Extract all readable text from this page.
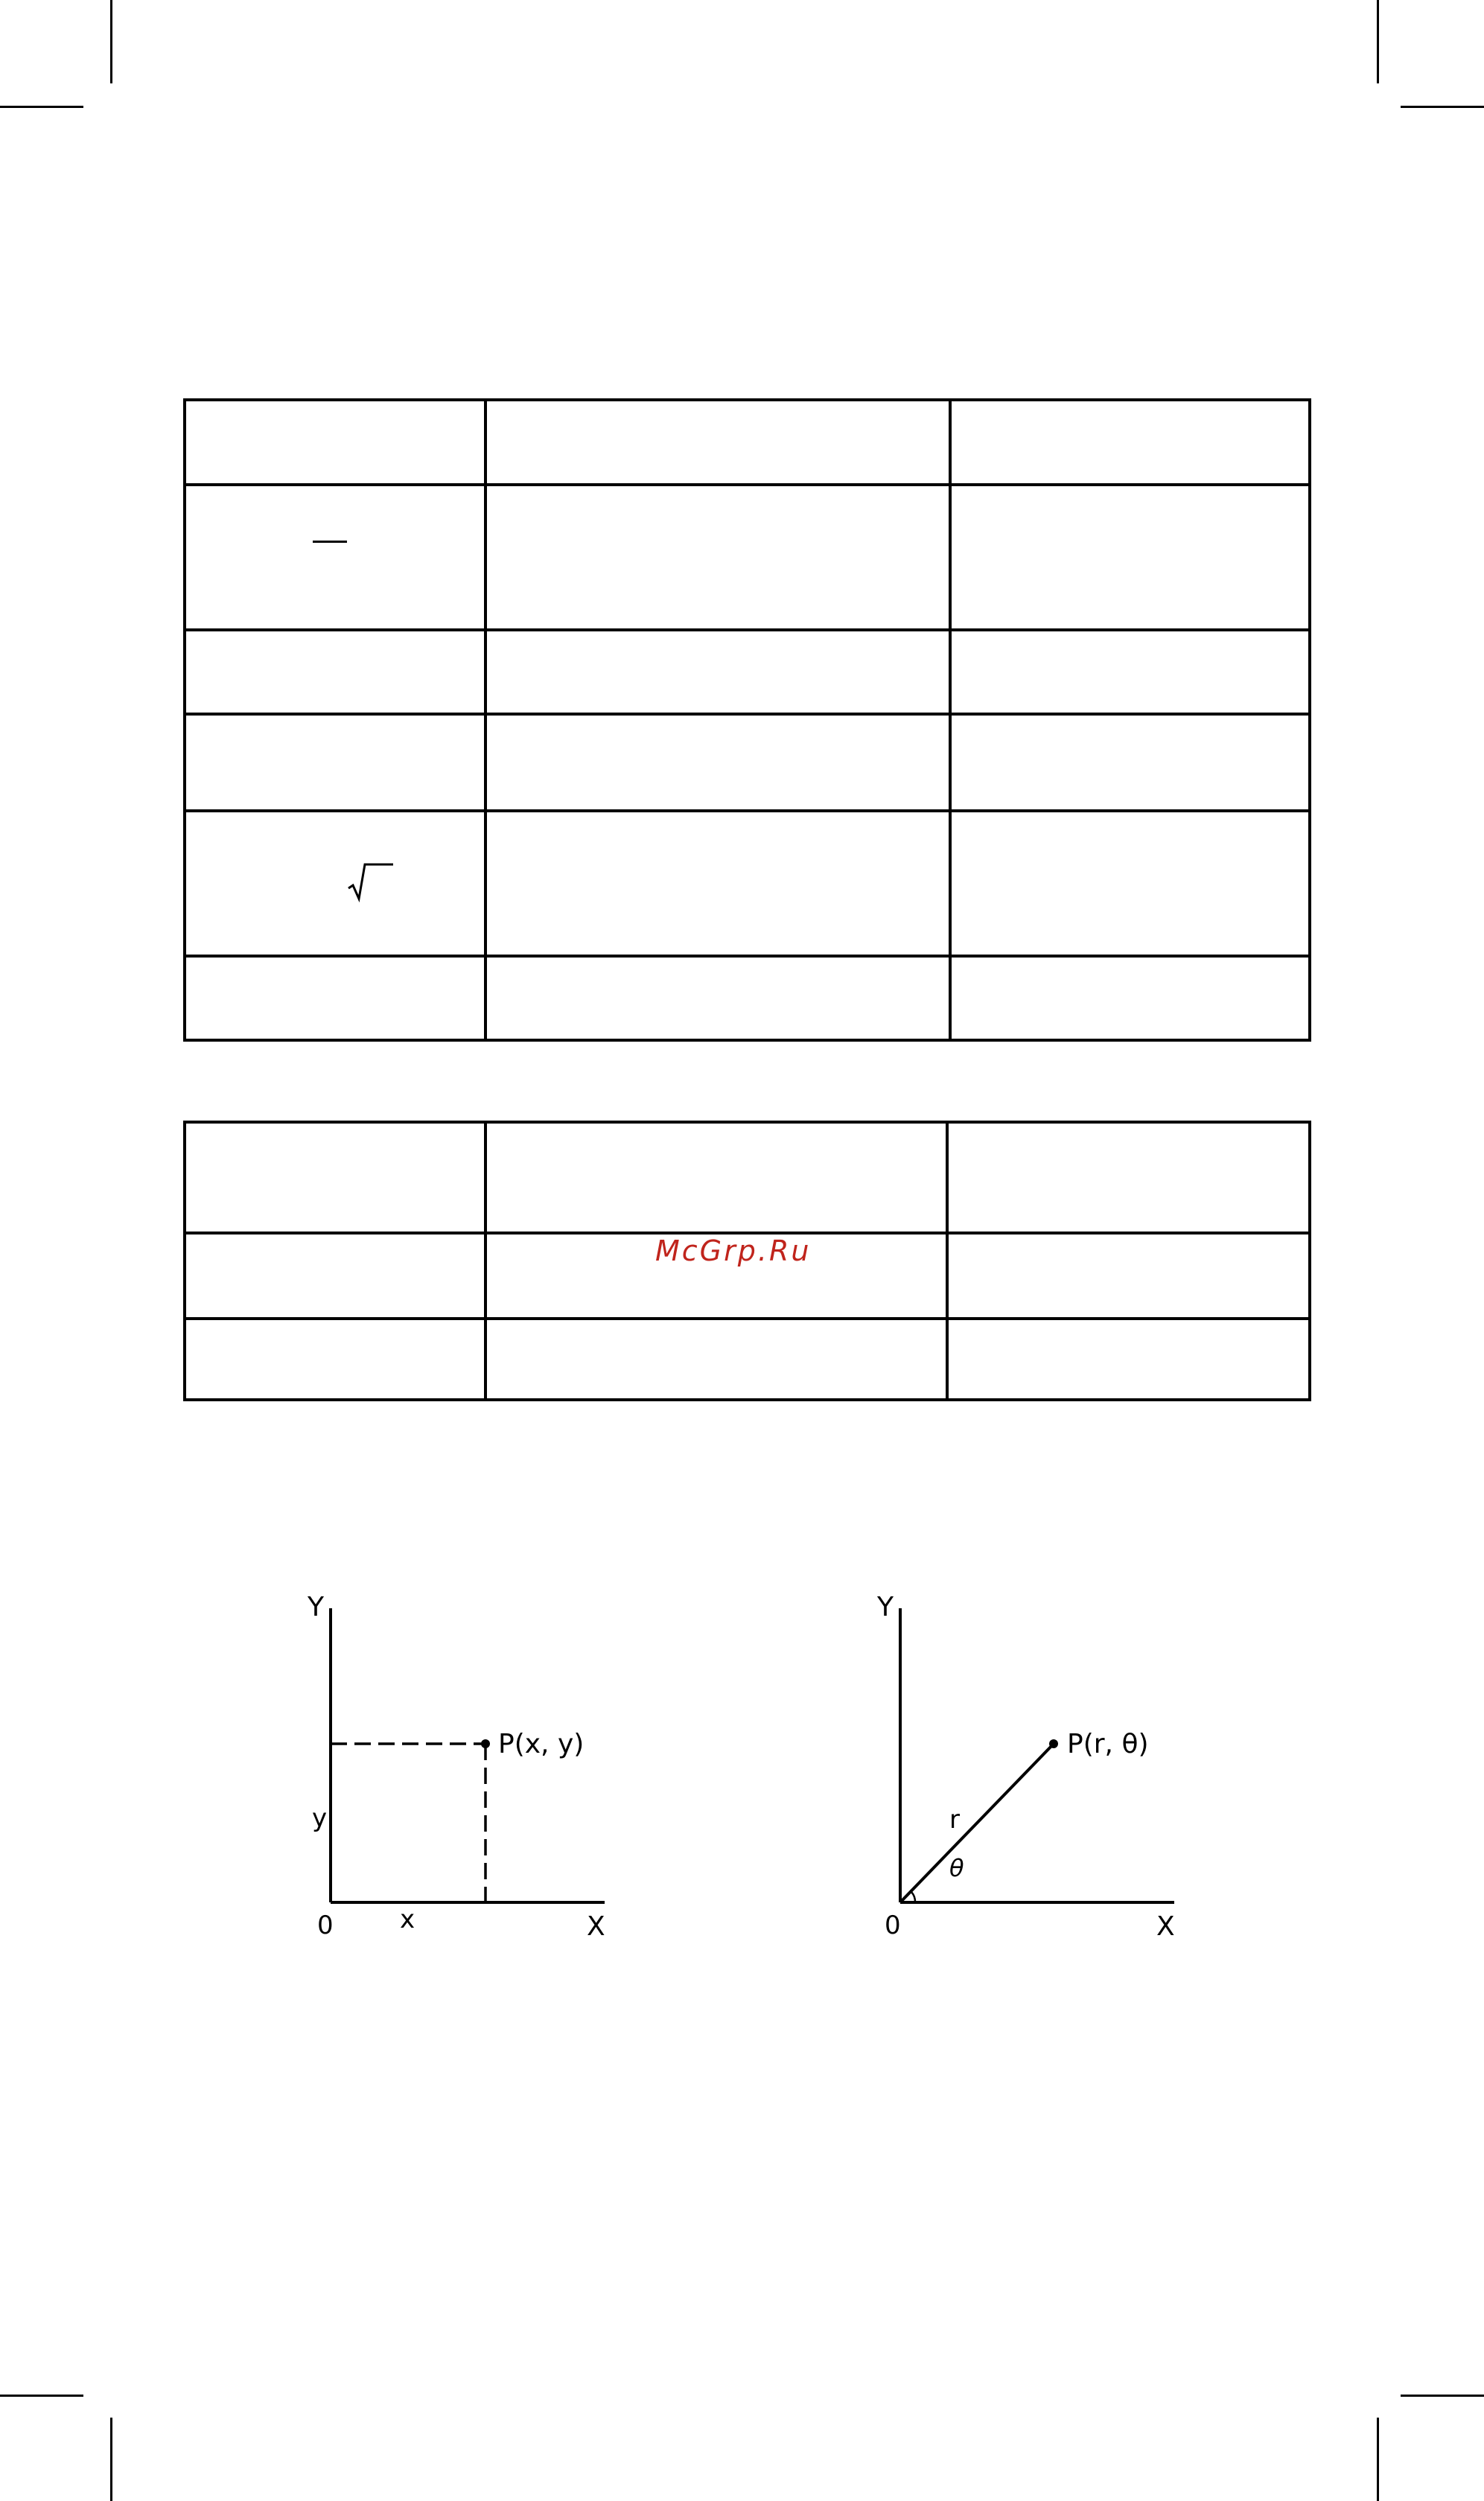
McGrp.Ru
Y
X
0	x
y
P(x, y)
Y
X
0
r
θ
P(r, θ)
